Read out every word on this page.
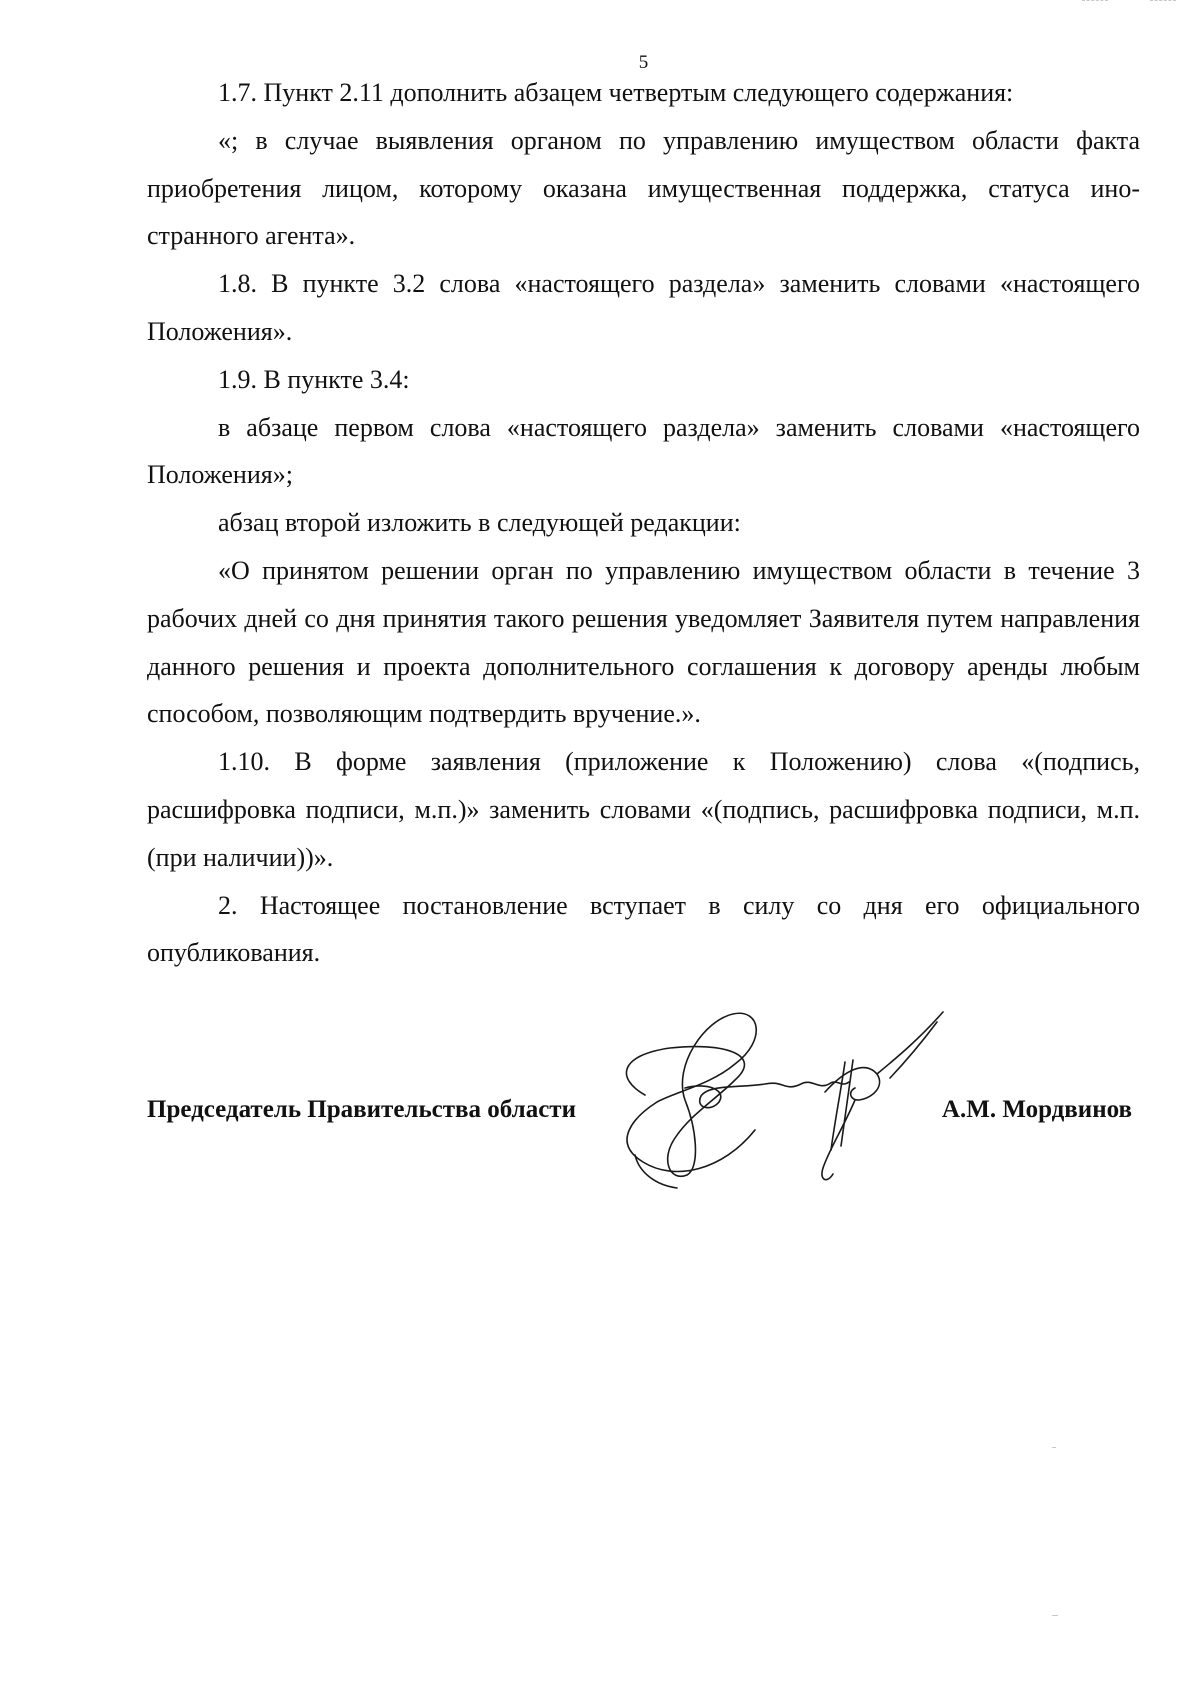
5

1.7. Пункт 2.11 дополнить абзацем четвертым следующего содержания:

«; в случае выявления органом по управлению имуществом области факта приобретения лицом, которому оказана имущественная поддержка, статуса иностранного агента».

1.8. В пункте 3.2 слова «настоящего раздела» заменить словами «настоящего Положения».

1.9. В пункте 3.4:

в абзаце первом слова «настоящего раздела» заменить словами «настоящего Положения»;

абзац второй изложить в следующей редакции:

«О принятом решении орган по управлению имуществом области в течение 3 рабочих дней со дня принятия такого решения уведомляет Заявителя путем направления данного решения и проекта дополнительного соглашения к договору аренды любым способом, позволяющим подтвердить вручение.».

1.10. В форме заявления (приложение к Положению) слова «(подпись, расшифровка подписи, м.п.)» заменить словами «(подпись, расшифровка подписи, м.п. (при наличии))».

2. Настоящее постановление вступает в силу со дня его официального опубликования.

Председатель Правительства области	А.М. Мордвинов
